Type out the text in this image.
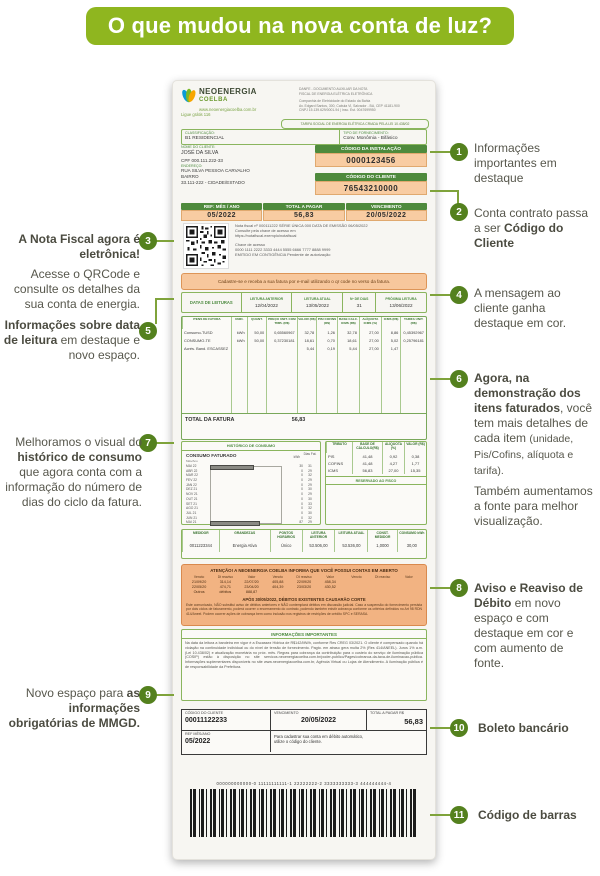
O que mudou na nova conta de luz?
NEOENERGIA
COELBA
www.neoenergiacoelba.com.br
Ligue grátis 116
DANFE - DOCUMENTO AUXILIAR DA NOTA
FISCAL DE ENERGIA ELÉTRICA ELETRÔNICA
Companhia de Eletricidade do Estado da Bahia
Av. Edgard Santos, 300, Cabula VI, Salvador - BA, CEP 41181-900
CNPJ 15.139.629/0001-94 | Insc. Est. 0047699950
TARIFA SOCIAL DE ENERGIA ELÉTRICA CRIADA PELA LEI 10.438/02
CLASSIFICAÇÃO:
B1 RESIDENCIAL
TIPO DE FORNECIMENTO:
Conv. Monômia - Bifásico
NOME DO CLIENTE:
JOSÉ DA SILVA
CPF 000.111.222-33
ENDEREÇO:
RUA SILVA PESSOA CARVALHO
BAIRRO
33.111-222 - CIDADE/ESTADO
CÓDIGO DA INSTALAÇÃO
0000123456
CÓDIGO DO CLIENTE
76543210000
REF: MÊS / ANO
05/2022
TOTAL A PAGAR
56,83
VENCIMENTO
20/05/2022
Nota fiscal nº 000111222 SÉRIE ÚNICA 000 DATA DE EMISSÃO 06/05/2022
Consulte pela chave de acesso em
https://notafiscal.exemplo/notafiscal
Chave de acesso
0000 1111 2222 3333 4444 5555 6666 7777 8888 9999
EMITIDO EM CONTIGÊNCIA Pendente de autorização
Cadastre-se e receba a sua fatura por e-mail utilizando o qr code no verso da fatura.
DATAS DE LEITURAS
LEITURA ANTERIOR
12/04/2022
LEITURA ATUAL
13/05/2022
Nº DE DIAS
31
PRÓXIMA LEITURA
13/06/2022
ITENS DE FATURA	UNID.	QUANT.	PREÇO UNIT. COM TRIB. (R$)
VALOR (R$) PIS/ COFINS (R$)
BASE CALC. ICMS (R$)
ALÍQUOTA ICMS (%)
ICMS (R$)	TARIFA UNIT. (R$)
Consumo-TUSD	kWh	50,00	0,65560967	32,78	1,26	32,78	27,00	8,86	0,45392967
CONSUMO-TE	kWh	50,00	0,37230181	18,61	0,70	18,61	27,00	5,02	0,25796181
Acrés. Band. ESCASSEZ	5,44	0,19	5,44	27,00	1,47
TOTAL DA FATURA	56,83
HISTÓRICO DE CONSUMO
CONSUMO FATURADO
Mês/Ano
kWh
Dias Fat.
MAI 22	30	31
ABR 22	0	29
MAR 22	0	32
FEV 22	0	29
JAN 22	0	29
DEZ 21	0	30
NOV 21	0	29
OUT 21	0	30
SET 21	0	33
AGO 21	0	32
JUL 21	0	30
JUN 21	0	32
MAI 21	87	29
TRIBUTO	BASE DE CÁLCULO(R$)
ALÍQUOTA (%)
VALOR (R$)
PIS	41,48	0,92	0,38
COFINS	41,48	4,27	1,77
ICMS	56,83	27,00	15,35
RESERVADO AO FISCO
MEDIDOR	GRANDEZAS	PONTOS HORÁRIOS
LEITURA ANTERIOR
LEITURA ATUAL	CONST. MEDIDOR
CONSUMO kWh
0011223344	Energia Ativa	Único	53.506,00	53.536,00	1,0000	30,00
ATENÇÃO! A NEOENERGIA COELBA INFORMA QUE VOCÊ POSSUI CONTAS EM ABERTO
Vencto	Dt reaviso	Valor	Vencto	Dt reaviso	Valor	Vencto	Dt reaviso	Valor
21/09/20	314,14	22/07/20	405,88	22/09/20	458,34
22/05/20	474,71	23/04/20	404,39	23/03/20	430,52
Outros	débitos	888,87
APÓS 30/05/2022, DÉBITOS EXISTENTES CAUSARÃO CORTE
Este comunicado, NÃO substitui aviso de débitos anteriores e NÃO contemplará débitos em discussão judicial. Caso a suspensão do fornecimento persista por dois ciclos de faturamento, poderá ocorrer o encerramento do contrato, podendo também existir cobrança conforme os critérios definidos no Art 98 RDN 414/Aneel. Podem ocorrer ações de cobrança bem como inclusão nos registros de restrições de crédito SPC e SERASA.
INFORMAÇÕES IMPORTANTES
Na data da leitura a bandeira em vigor é a Escassez Hídrica de R$142/MWh, conforme Res CREG 03/2021. O cliente é compensado quando há violação na continuidade individual ou do nível de tensão de fornecimento. Pagto. em atraso gera multa 2% (Res 414/ANEEL). Juros 1% a.m. (Lei 10.438/02) e atualização monetária no próx. mês. Regras para cobrança da contribuição para o custeio do serviço de iluminação pública (COSIP) estão à disposição no site servicos.neoenergiacoelba.com.br/poder-publico/Pages/cobranca-da-taxa-de-iluminacao-publica. Informações suplementares disponíveis no site www.neoenergiacoelba.com.br, Agência Virtual ou Lojas de Atendimento. A iluminação pública é de responsabilidade da Prefeitura.
CÓDIGO DO CLIENTE
00011122233
VENCIMENTO
20/05/2022
TOTAL A PAGAR R$
56,83
REF MÊS/ANO
05/2022
Para cadastrar sua conta em débito automático,
utilize o código do cliente.
000000000000-0 11111111111-1 22222222-2 3333333333-3 444444444-4
1
2
3
4
5
6
7
8
9
10
11
Informações importantes em destaque
Conta contrato passa a ser Código do Cliente
A Nota Fiscal agora é eletrônica!
Acesse o QRCode e consulte os detalhes da sua conta de energia.
A mensagem ao cliente ganha destaque em cor.
Informações sobre data de leitura em destaque e novo espaço.
Agora, na demonstração dos itens faturados, você tem mais detalhes de cada item (unidade, Pis/Cofins, alíquota e tarifa).
Também aumentamos a fonte para melhor visualização.
Melhoramos o visual do histórico de consumo que agora conta com a informação do número de dias do ciclo da fatura.
Aviso e Reaviso de Débito em novo espaço e com destaque em cor e com aumento de fonte.
Novo espaço para as informações obrigatórias de MMGD.	Boleto bancário
Código de barras
